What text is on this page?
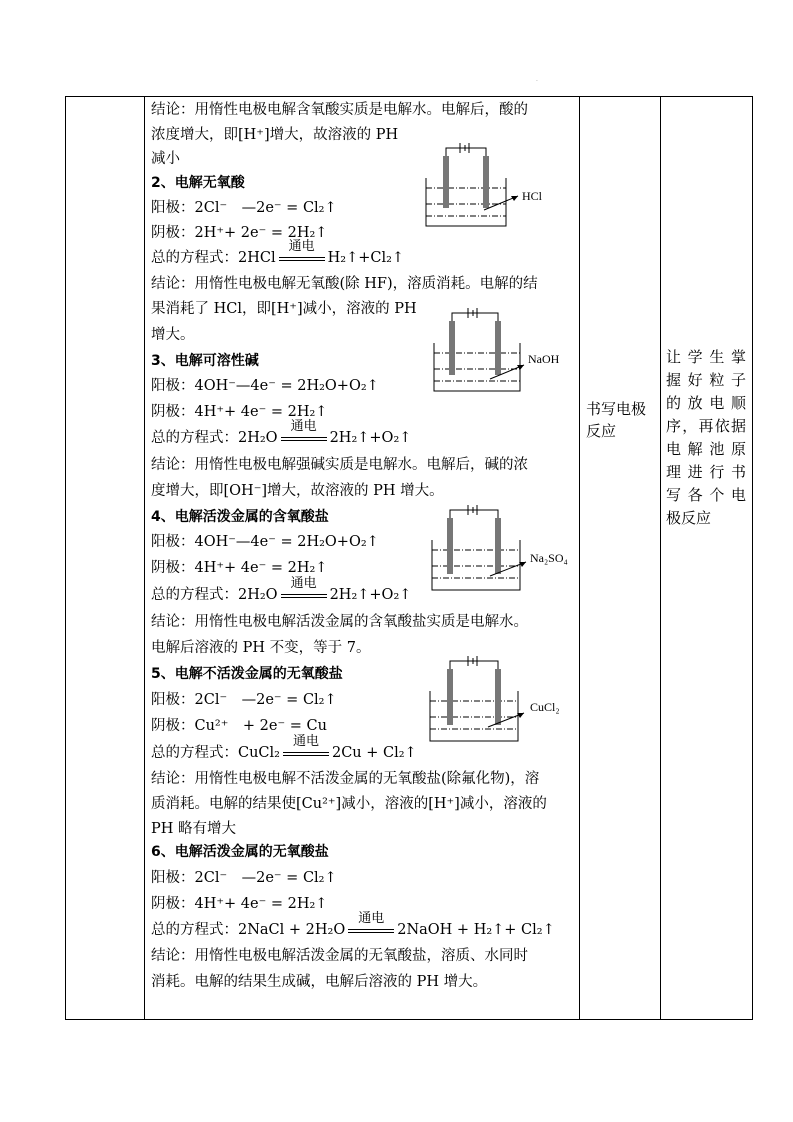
·
结论：用惰性电极电解含氧酸实质是电解水。电解后，酸的
浓度增大，即[H⁺]增大，故溶液的 PH
减小
2、电解无氧酸
阳极：2Cl⁻　—2e⁻ = Cl₂↑
阴极：2H⁺+ 2e⁻ = 2H₂↑
总的方程式：2HCl
通电
H₂↑+Cl₂↑
结论：用惰性电极电解无氧酸(除 HF)，溶质消耗。电解的结
果消耗了 HCl，即[H⁺]减小，溶液的 PH
增大。
3、电解可溶性碱
阳极：4OH⁻—4e⁻ = 2H₂O+O₂↑
阴极：4H⁺+ 4e⁻ = 2H₂↑
总的方程式：2H₂O
通电
2H₂↑+O₂↑
结论：用惰性电极电解强碱实质是电解水。电解后，碱的浓
度增大，即[OH⁻]增大，故溶液的 PH 增大。
4、电解活泼金属的含氧酸盐
阳极：4OH⁻—4e⁻ = 2H₂O+O₂↑
阴极：4H⁺+ 4e⁻ = 2H₂↑
总的方程式：2H₂O
通电
2H₂↑+O₂↑
结论：用惰性电极电解活泼金属的含氧酸盐实质是电解水。
电解后溶液的 PH 不变，等于 7。
5、电解不活泼金属的无氧酸盐
阳极：2Cl⁻　—2e⁻ = Cl₂↑
阴极：Cu²⁺　+ 2e⁻ = Cu
总的方程式：CuCl₂
通电
2Cu + Cl₂↑
结论：用惰性电极电解不活泼金属的无氧酸盐(除氟化物)，溶
质消耗。电解的结果使[Cu²⁺]减小，溶液的[H⁺]减小，溶液的
PH 略有增大
6、电解活泼金属的无氧酸盐
阳极：2Cl⁻　—2e⁻ = Cl₂↑
阴极：4H⁺+ 4e⁻ = 2H₂↑
总的方程式：2NaCl + 2H₂O
通电
2NaOH + H₂↑+ Cl₂↑
结论：用惰性电极电解活泼金属的无氧酸盐，溶质、水同时
消耗。电解的结果生成碱，电解后溶液的 PH 增大。
HCl
NaOH
Na₂SO₄
CuCl₂
书写电极
反应
让学生掌
握好粒子
的放电顺
序，再依据
电解池原
理进行书
写各个电
极反应
